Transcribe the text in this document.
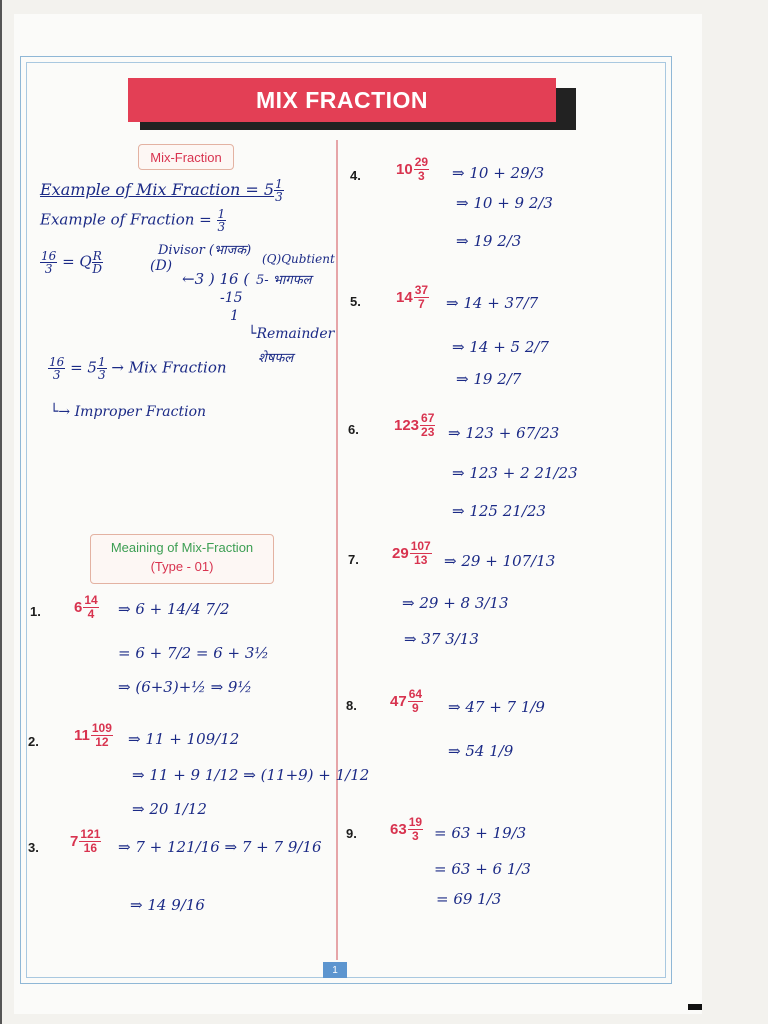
MIX FRACTION
Mix-Fraction
Example of Mix Fraction = $5 \frac{1}{3}$
Example of Fraction = $\frac{1}{3}$
$\frac{16}{3} = Q \frac{R}{D}$	Divisor (भाजक)
(Q)Qubtient
(D)
←3 ) 16 ( 5- भागफल
-15
1
└Remainder
शेषफल
$\frac{16}{3} = 5 \frac{1}{3}$ → Mix Fraction
└→ Improper Fraction
Meaining of Mix-Fraction
(Type - 01)
1. $6 \frac{14}{4}$ ⇒ 6 + 14/4 7/2
= 6 + 7/2 = 6 + 3½
⇒ (6+3)+½ ⇒ 9½
2. $11 \frac{109}{12}$ ⇒ 11 + 109/12
⇒ 11 + 9 1/12 ⇒ (11+9) + 1/12
⇒ 20 1/12
3. $7 \frac{121}{16}$ ⇒ 7 + 121/16 ⇒ 7 + 7 9/16
⇒ 14 9/16
4. $10 \frac{29}{3}$ ⇒ 10 + 29/3
⇒ 10 + 9 2/3
⇒ 19 2/3
5. $14 \frac{37}{7}$ ⇒ 14 + 37/7
⇒ 14 + 5 2/7
⇒ 19 2/7
6. $123 \frac{67}{23}$ ⇒ 123 + 67/23
⇒ 123 + 2 21/23
⇒ 125 21/23
7. $29 \frac{107}{13}$ ⇒ 29 + 107/13
⇒ 29 + 8 3/13
⇒ 37 3/13
8. $47 \frac{64}{9}$ ⇒ 47 + 7 1/9
⇒ 54 1/9
9. $63 \frac{19}{3} = 63 + 19/3$
= 63 + 6 1/3
= 69 1/3
1
